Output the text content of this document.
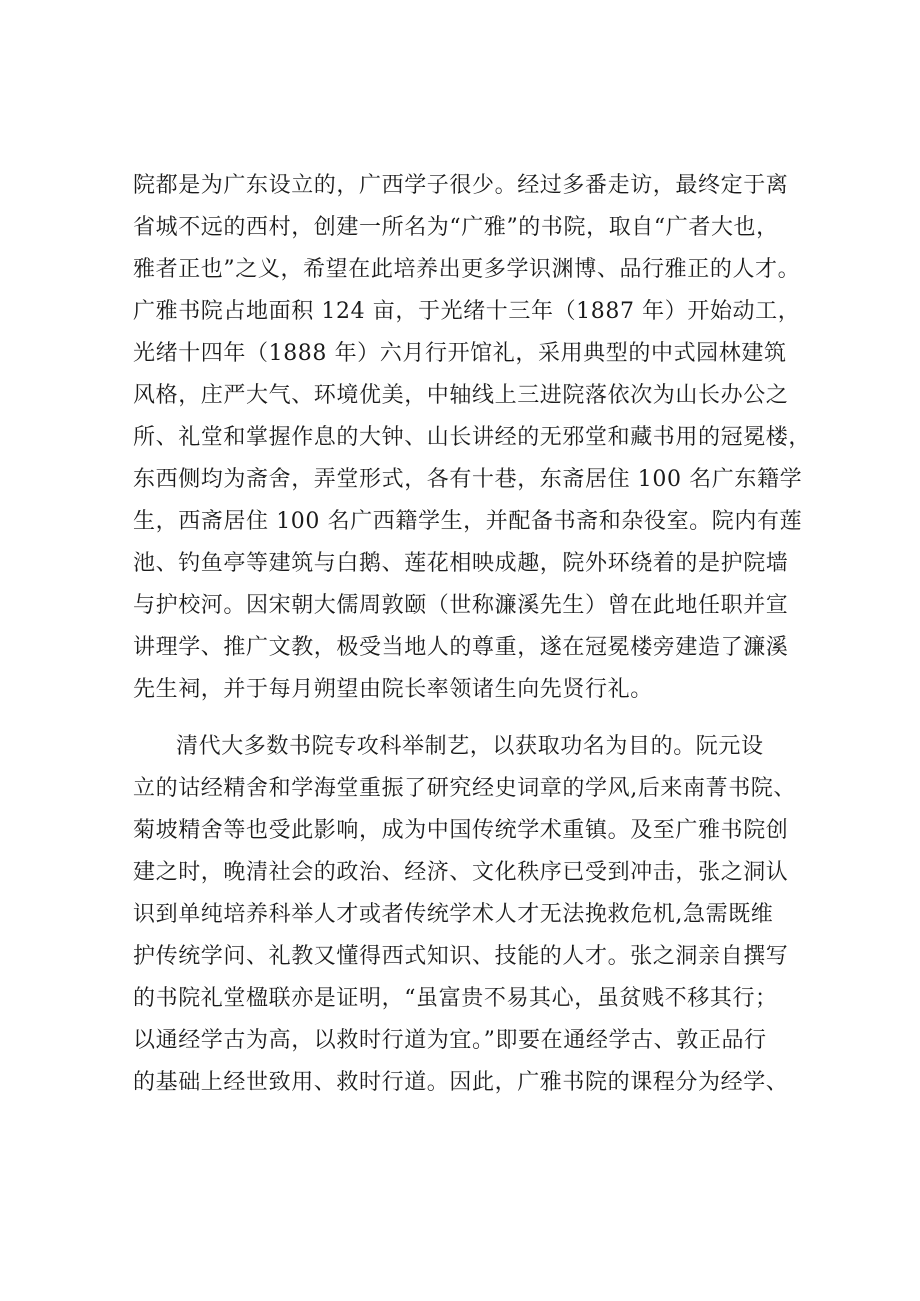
院都是为广东设立的，广西学子很少。经过多番走访，最终定于离
省城不远的西村，创建一所名为“广雅”的书院，取自“广者大也，
雅者正也”之义，希望在此培养出更多学识渊博、品行雅正的人才。
广雅书院占地面积 124 亩，于光绪十三年（1887 年）开始动工，
光绪十四年（1888 年）六月行开馆礼，采用典型的中式园林建筑
风格，庄严大气、环境优美，中轴线上三进院落依次为山长办公之
所、礼堂和掌握作息的大钟、山长讲经的无邪堂和藏书用的冠冕楼，
东西侧均为斋舍，弄堂形式，各有十巷，东斋居住 100 名广东籍学
生，西斋居住 100 名广西籍学生，并配备书斋和杂役室。院内有莲
池、钓鱼亭等建筑与白鹅、莲花相映成趣，院外环绕着的是护院墙
与护校河。因宋朝大儒周敦颐（世称濂溪先生）曾在此地任职并宣
讲理学、推广文教，极受当地人的尊重，遂在冠冕楼旁建造了濂溪
先生祠，并于每月朔望由院长率领诸生向先贤行礼。
清代大多数书院专攻科举制艺，以获取功名为目的。阮元设
立的诂经精舍和学海堂重振了研究经史词章的学风,后来南菁书院、
菊坡精舍等也受此影响，成为中国传统学术重镇。及至广雅书院创
建之时，晚清社会的政治、经济、文化秩序已受到冲击，张之洞认
识到单纯培养科举人才或者传统学术人才无法挽救危机,急需既维
护传统学问、礼教又懂得西式知识、技能的人才。张之洞亲自撰写
的书院礼堂楹联亦是证明，“虽富贵不易其心，虽贫贱不移其行；
以通经学古为高，以救时行道为宜。”即要在通经学古、敦正品行
的基础上经世致用、救时行道。因此，广雅书院的课程分为经学、
